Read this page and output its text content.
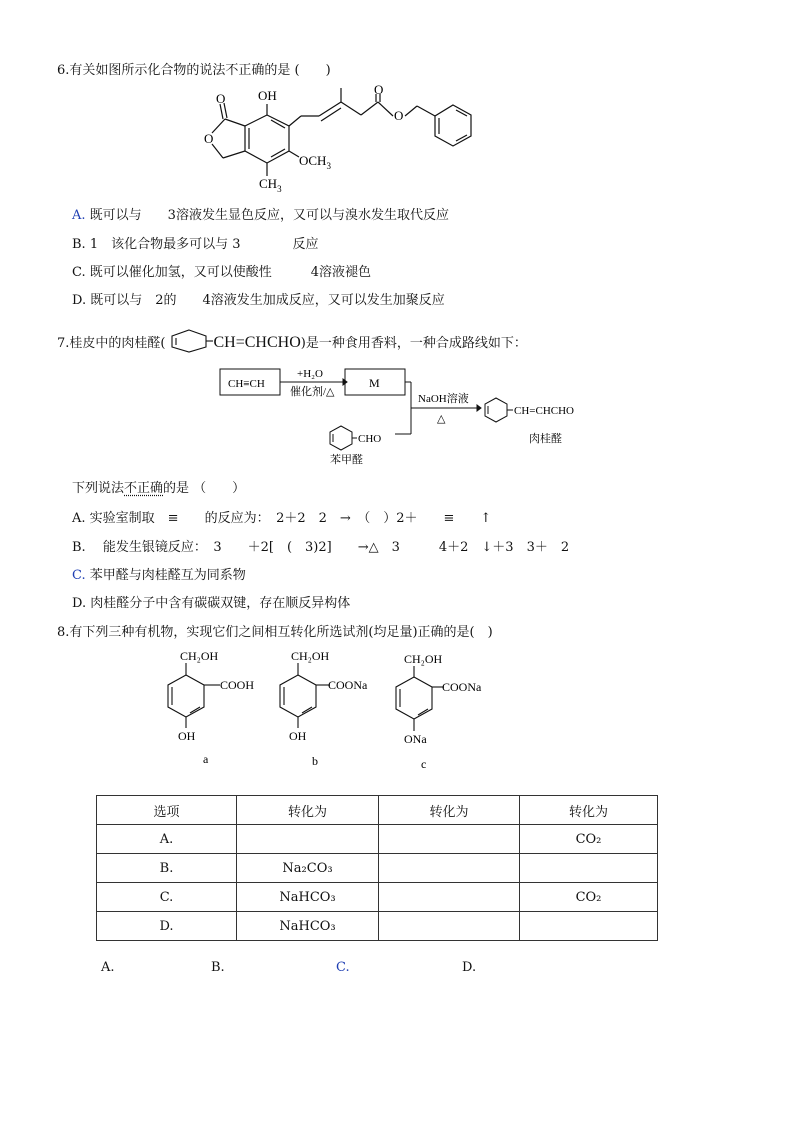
6.有关如图所示化合物的说法不正确的是 (　　)
O
O
OH
$OCH_3$
$CH_3$
O
O
A. 既可以与　　3溶液发生显色反应，又可以与溴水发生取代反应
B. 1　 该化合物最多可以与 3　　　　反应
C. 既可以催化加氢，又可以使酸性　　　4溶液褪色
D. 既可以与　2的　　4溶液发生加成反应，又可以发生加聚反应
7.桂皮中的肉桂醛(	CH=CHCHO)是一种食用香料，一种合成路线如下：
CH≡CH
+H₂O
催化剂/△
M
NaOH溶液
△
CH=CHCHO
肉桂醛
CHO
苯甲醛
下列说法不正确的是 （　　）
A. 实验室制取　≡　　的反应为：　2＋2　2　→　（　）2＋　　≡　　↑
B. 　能发生银镜反应：　3　　＋2[　(　3)2]　　→△　3　　　4＋2　↓＋3　3＋　2
C. 苯甲醛与肉桂醛互为同系物
D. 肉桂醛分子中含有碳碳双键，存在顺反异构体
8.有下列三种有机物，实现它们之间相互转化所选试剂(均足量)正确的是(　)
CH₂OH
COOH
OH
a
CH₂OH
COONa
OH
b
CH₂OH
COONa
ONa
c
选项	转化为	转化为	转化为
A.			CO₂
B.	Na₂CO₃		
C.	NaHCO₃		CO₂
D.	NaHCO₃		
A.	B.	C.	D.
